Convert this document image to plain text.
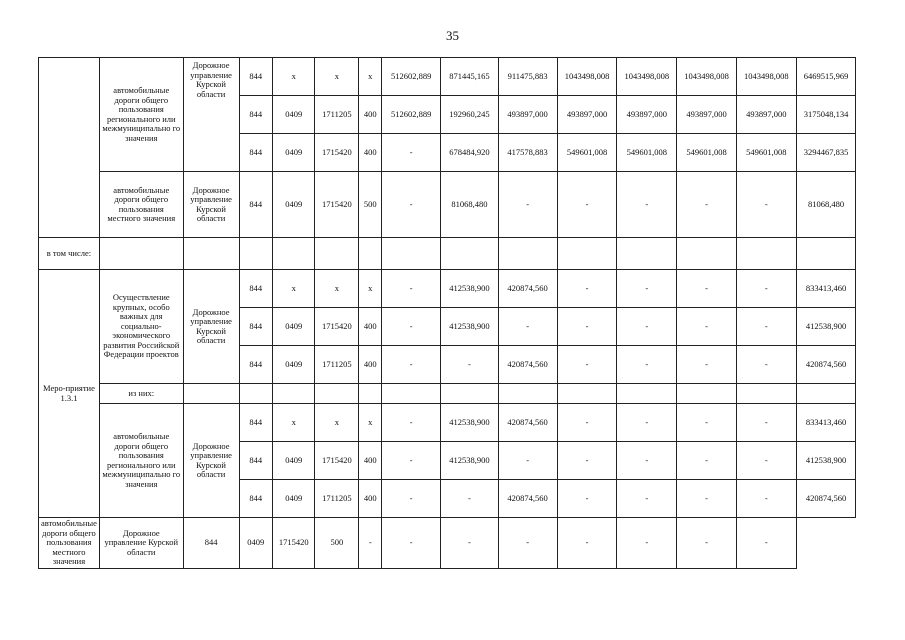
35
	автомобильные дороги общего пользования регионального или межмуниципально го значения	Дорожное управление Курской области	844	х	х	х	512602,889	871445,165	911475,883	1043498,008	1043498,008	1043498,008	1043498,008	6469515,969
			844	0409	1711205	400	512602,889	192960,245	493897,000	493897,000	493897,000	493897,000	493897,000	3175048,134
			844	0409	1715420	400	-	678484,920	417578,883	549601,008	549601,008	549601,008	549601,008	3294467,835
	автомобильные дороги общего пользования местного значения	Дорожное управление Курской области	844	0409	1715420	500	-	81068,480	-	-	-	-	-	81068,480
в том числе:														
Меро-приятие 1.3.1	Осуществление крупных, особо важных для социально-экономического развития Российской Федерации проектов	Дорожное управление Курской области	844	х	х	х	-	412538,900	420874,560	-	-	-	-	833413,460
			844	0409	1715420	400	-	412538,900	-	-	-	-	-	412538,900
			844	0409	1711205	400	-	-	420874,560	-	-	-	-	420874,560
	из них:													
	автомобильные дороги общего пользования регионального или межмуниципально го значения	Дорожное управление Курской области	844	х	х	х	-	412538,900	420874,560	-	-	-	-	833413,460
			844	0409	1715420	400	-	412538,900	-	-	-	-	-	412538,900
			844	0409	1711205	400	-	-	420874,560	-	-	-	-	420874,560
автомобильные дороги общего пользования местного значения	Дорожное управление Курской области	844	0409	1715420	500	-	-	-	-	-	-	-	-	
